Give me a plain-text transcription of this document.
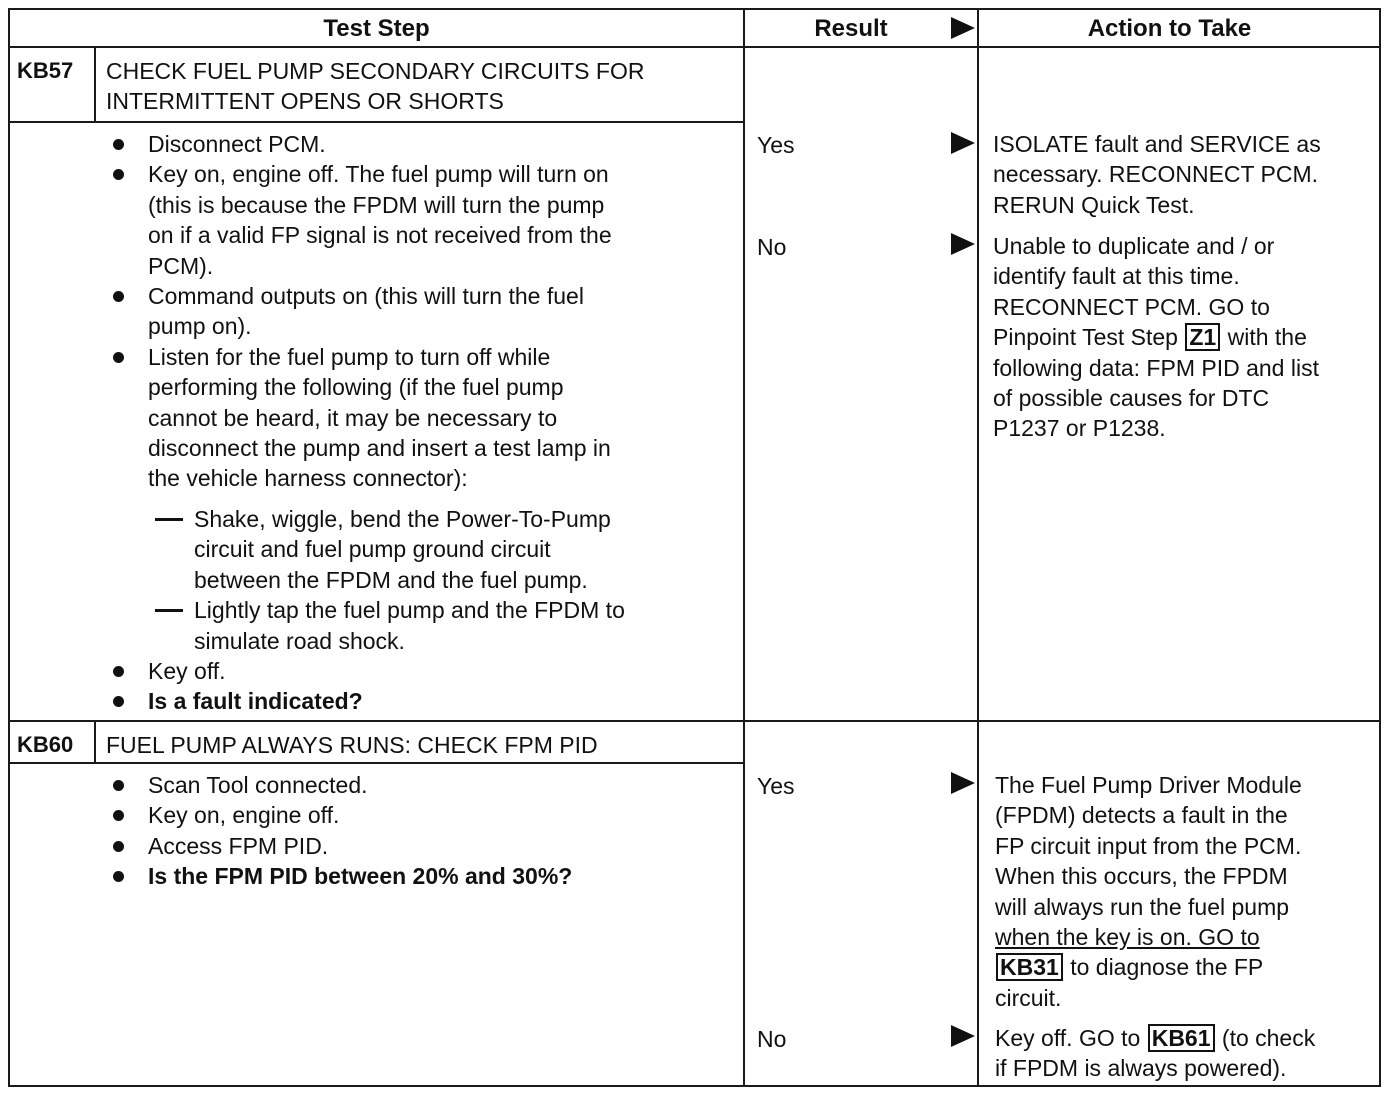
Test Step	Result	Action to Take
KB57 CHECK FUEL PUMP SECONDARY CIRCUITS FOR
INTERMITTENT OPENS OR SHORTS
Disconnect PCM.
Key on, engine off. The fuel pump will turn on
(this is because the FPDM will turn the pump
on if a valid FP signal is not received from the
PCM).
Command outputs on (this will turn the fuel
pump on).
Listen for the fuel pump to turn off while
performing the following (if the fuel pump
cannot be heard, it may be necessary to
disconnect the pump and insert a test lamp in
the vehicle harness connector):
Shake, wiggle, bend the Power-To-Pump
circuit and fuel pump ground circuit
between the FPDM and the fuel pump.
Lightly tap the fuel pump and the FPDM to
simulate road shock.
Key off.
Is a fault indicated?
Yes	ISOLATE fault and SERVICE as
necessary. RECONNECT PCM.
RERUN Quick Test.
No	Unable to duplicate and / or
identify fault at this time.
RECONNECT PCM. GO to
Pinpoint Test Step Z1 with the
following data: FPM PID and list
of possible causes for DTC
P1237 or P1238.
KB60 FUEL PUMP ALWAYS RUNS: CHECK FPM PID
Scan Tool connected.
Key on, engine off.
Access FPM PID.
Is the FPM PID between 20% and 30%?
Yes	The Fuel Pump Driver Module
(FPDM) detects a fault in the
FP circuit input from the PCM.
When this occurs, the FPDM
will always run the fuel pump
when the key is on. GO to
KB31 to diagnose the FP
circuit.
No	Key off. GO to KB61 (to check
if FPDM is always powered).
